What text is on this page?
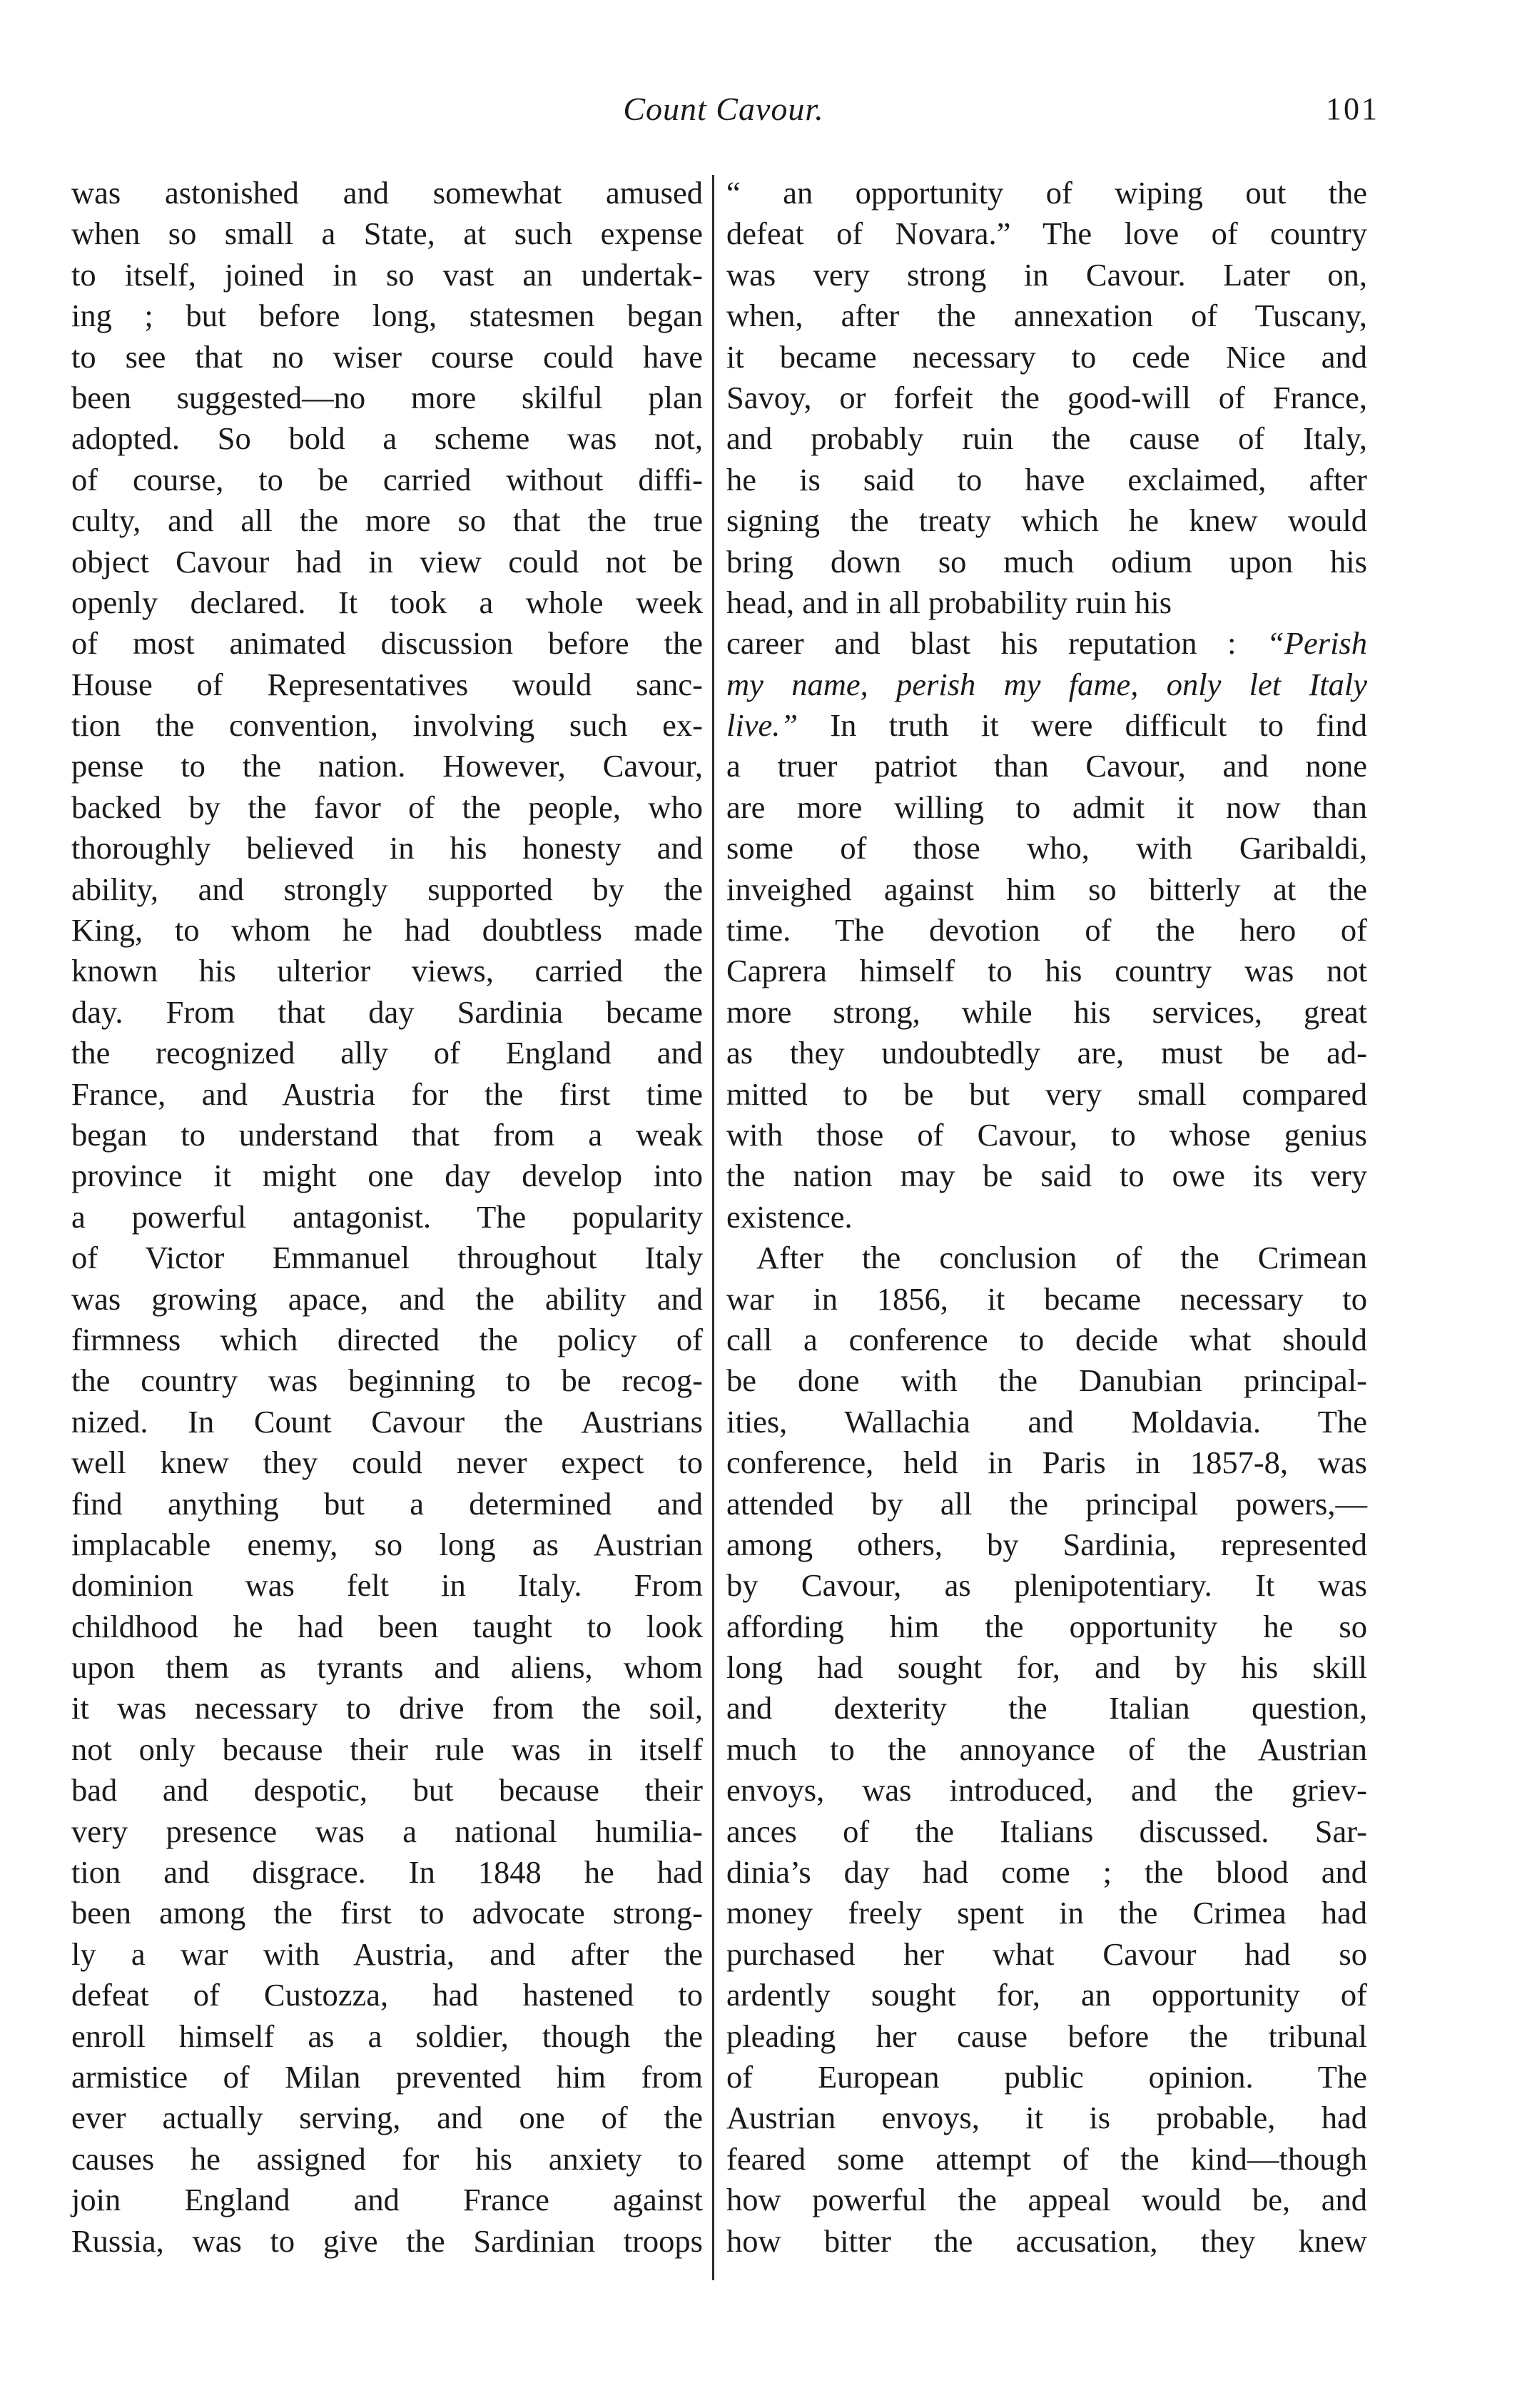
Count Cavour.	101
was astonished and somewhat amused
when so small a State, at such expense
to itself, joined in so vast an undertak-
ing ; but before long, statesmen began
to see that no wiser course could have
been suggested—no more skilful plan
adopted. So bold a scheme was not,
of course, to be carried without diffi-
culty, and all the more so that the true
object Cavour had in view could not be
openly declared. It took a whole week
of most animated discussion before the
House of Representatives would sanc-
tion the convention, involving such ex-
pense to the nation. However, Cavour,
backed by the favor of the people, who
thoroughly believed in his honesty and
ability, and strongly supported by the
King, to whom he had doubtless made
known his ulterior views, carried the
day. From that day Sardinia became
the recognized ally of England and
France, and Austria for the first time
began to understand that from a weak
province it might one day develop into
a powerful antagonist. The popularity
of Victor Emmanuel throughout Italy
was growing apace, and the ability and
firmness which directed the policy of
the country was beginning to be recog-
nized. In Count Cavour the Austrians
well knew they could never expect to
find anything but a determined and
implacable enemy, so long as Austrian
dominion was felt in Italy. From
childhood he had been taught to look
upon them as tyrants and aliens, whom
it was necessary to drive from the soil,
not only because their rule was in itself
bad and despotic, but because their
very presence was a national humilia-
tion and disgrace. In 1848 he had
been among the first to advocate strong-
ly a war with Austria, and after the
defeat of Custozza, had hastened to
enroll himself as a soldier, though the
armistice of Milan prevented him from
ever actually serving, and one of the
causes he assigned for his anxiety to
join England and France against
Russia, was to give the Sardinian troops
“ an opportunity of wiping out the
defeat of Novara.” The love of country
was very strong in Cavour. Later on,
when, after the annexation of Tuscany,
it became necessary to cede Nice and
Savoy, or forfeit the good-will of France,
and probably ruin the cause of Italy,
he is said to have exclaimed, after
signing the treaty which he knew would
bring down so much odium upon his
head, and in all probability ruin his
career and blast his reputation : “Perish
my name, perish my fame, only let Italy
live.” In truth it were difficult to find
a truer patriot than Cavour, and none
are more willing to admit it now than
some of those who, with Garibaldi,
inveighed against him so bitterly at the
time. The devotion of the hero of
Caprera himself to his country was not
more strong, while his services, great
as they undoubtedly are, must be ad-
mitted to be but very small compared
with those of Cavour, to whose genius
the nation may be said to owe its very
existence.
After the conclusion of the Crimean
war in 1856, it became necessary to
call a conference to decide what should
be done with the Danubian principal-
ities, Wallachia and Moldavia. The
conference, held in Paris in 1857-8, was
attended by all the principal powers,—
among others, by Sardinia, represented
by Cavour, as plenipotentiary. It was
affording him the opportunity he so
long had sought for, and by his skill
and dexterity the Italian question,
much to the annoyance of the Austrian
envoys, was introduced, and the griev-
ances of the Italians discussed. Sar-
dinia’s day had come ; the blood and
money freely spent in the Crimea had
purchased her what Cavour had so
ardently sought for, an opportunity of
pleading her cause before the tribunal
of European public opinion. The
Austrian envoys, it is probable, had
feared some attempt of the kind—though
how powerful the appeal would be, and
how bitter the accusation, they knew
